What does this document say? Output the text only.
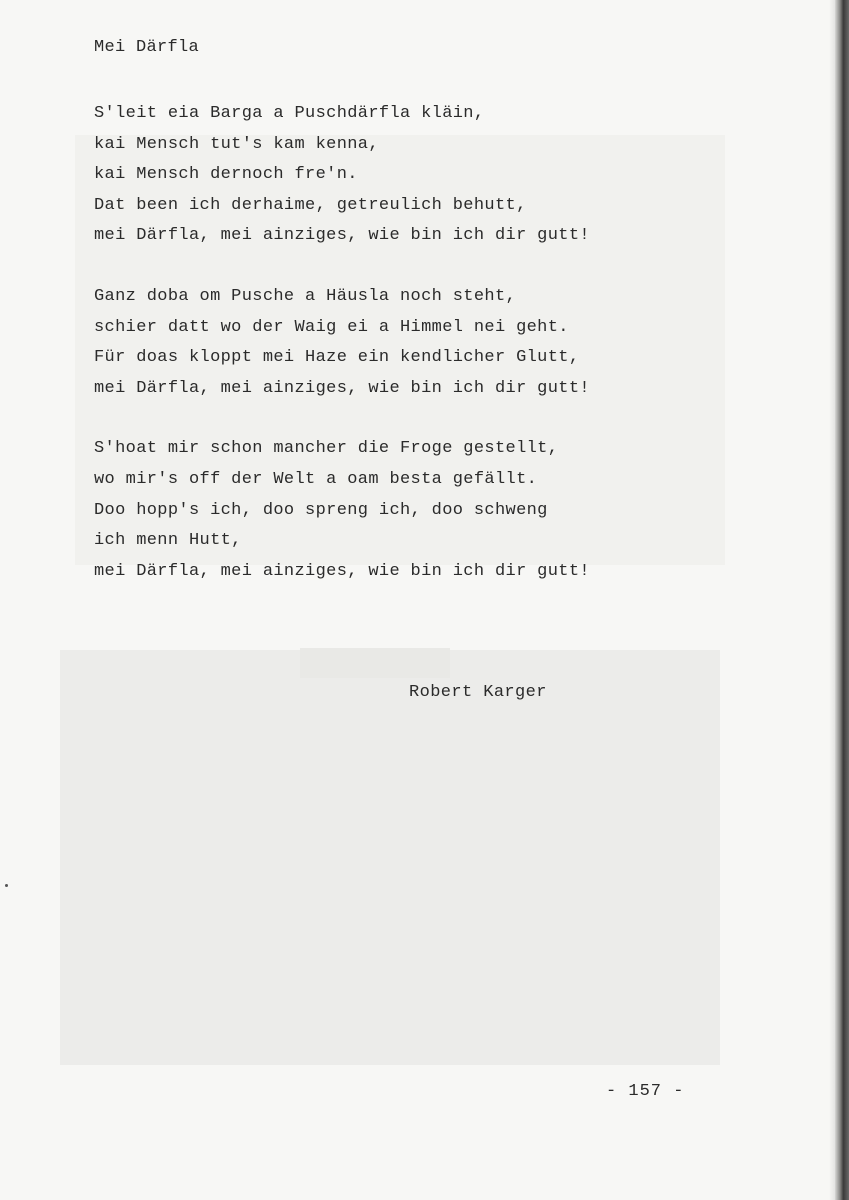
Mei Därfla
S'leit eia Barga a Puschdärfla kläin,
kai Mensch tut's kam kenna,
kai Mensch dernoch fre'n.
Dat been ich derhaime, getreulich behutt,
mei Därfla, mei ainziges, wie bin ich dir gutt!
Ganz doba om Pusche a Häusla noch steht,
schier datt wo der Waig ei a Himmel nei geht.
Für doas kloppt mei Haze ein kendlicher Glutt,
mei Därfla, mei ainziges, wie bin ich dir gutt!
S'hoat mir schon mancher die Froge gestellt,
wo mir's off der Welt a oam besta gefällt.
Doo hopp's ich, doo spreng ich, doo schweng
ich menn Hutt,
mei Därfla, mei ainziges, wie bin ich dir gutt!
Robert Karger
- 157 -
